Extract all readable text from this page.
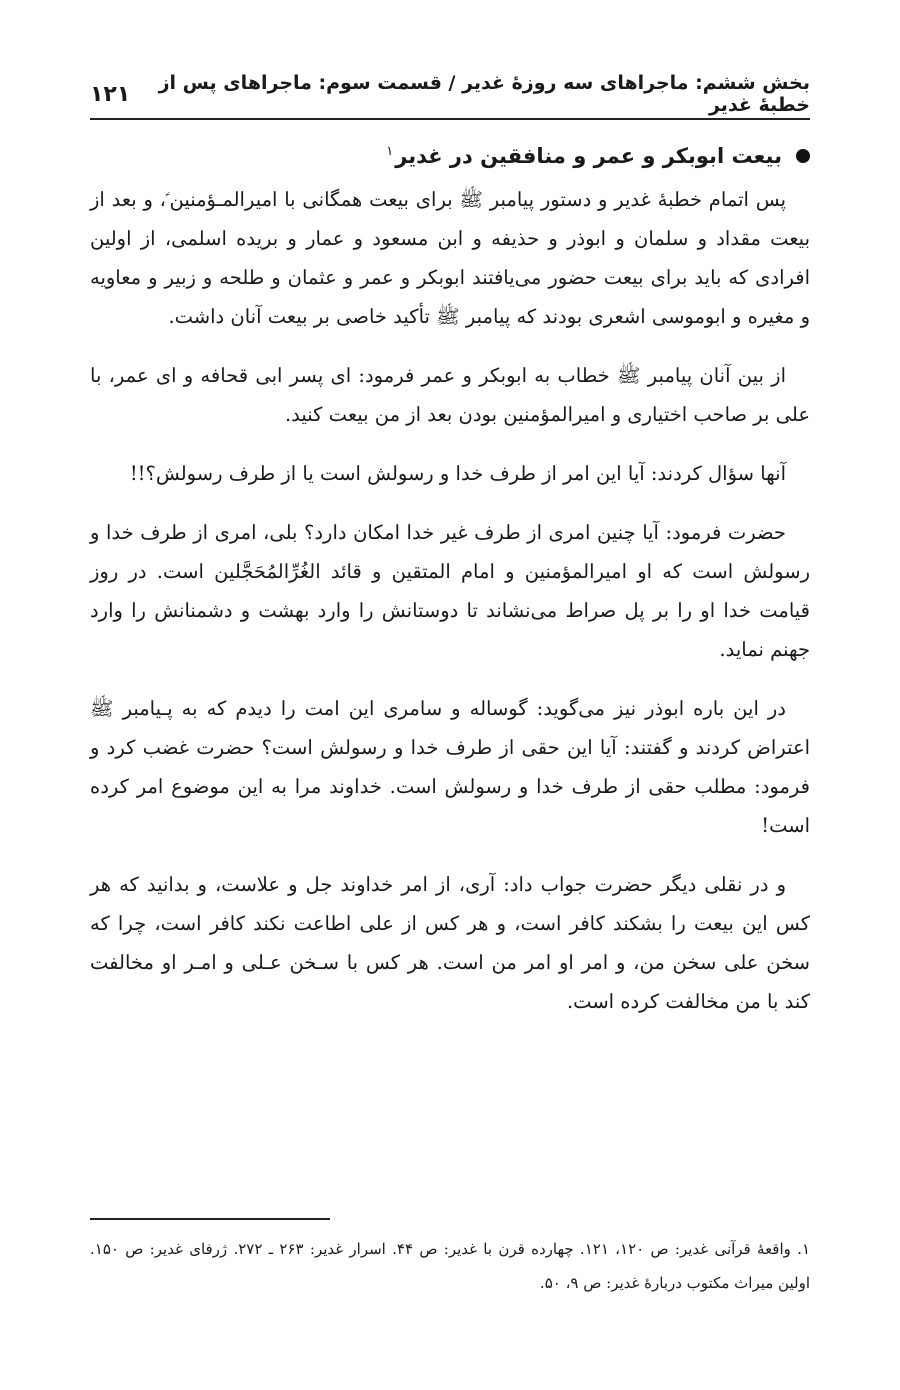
بخش ششم: ماجراهای سه روزهٔ غدیر / قسمت سوم: ماجراهای پس از خطبهٔ غدیر
۱۲۱
بیعت ابوبکر و عمر و منافقین در غدیر$^۱$

پس اتمام خطبهٔ غدیر و دستور پیامبر ﷺ برای بیعت همگانی با امیرالمـؤمنین ؑ، و بعد از بیعت مقداد و سلمان و ابوذر و حذیفه و ابن مسعود و عمار و بریده اسلمی، از اولین افرادی که باید برای بیعت حضور می‌یافتند ابوبکر و عمر و عثمان و طلحه و زبیر و معاویه و مغیره و ابوموسی اشعری بودند که پیامبر ﷺ تأکید خاصی بر بیعت آنان داشت.

از بین آنان پیامبر ﷺ خطاب به ابوبکر و عمر فرمود: ای پسر ابی قحافه و ای عمر، با علی بر صاحب اختیاری و امیرالمؤمنین بودن بعد از من بیعت کنید.

آنها سؤال کردند: آیا این امر از طرف خدا و رسولش است یا از طرف رسولش؟!!

حضرت فرمود: آیا چنین امری از طرف غیر خدا امکان دارد؟ بلی، امری از طرف خدا و رسولش است که او امیرالمؤمنین و امام المتقین و قائد الغُرِّالمُحَجَّلین است. در روز قیامت خدا او را بر پل صراط می‌نشاند تا دوستانش را وارد بهشت و دشمنانش را وارد جهنم نماید.

در این باره ابوذر نیز می‌گوید: گوساله و سامری این امت را دیدم که به پـیامبر ﷺ اعتراض کردند و گفتند: آیا این حقی از طرف خدا و رسولش است؟ حضرت غضب کرد و فرمود: مطلب حقی از طرف خدا و رسولش است. خداوند مرا به این موضوع امر کرده است!

و در نقلی دیگر حضرت جواب داد: آری، از امر خداوند جل و علاست، و بدانید که هر کس این بیعت را بشکند کافر است، و هر کس از علی اطاعت نکند کافر است، چرا که سخن علی سخن من، و امر او امر من است. هر کس با سـخن عـلی و امـر او مخالفت کند با من مخالفت کرده است.

۱. واقعهٔ قرآنی غدیر: ص ۱۲۰، ۱۲۱. چهارده قرن با غدیر: ص ۴۴. اسرار غدیر: ۲۶۳ ـ ۲۷۲. ژرفای غدیر: ص ۱۵۰. اولین میراث مکتوب دربارهٔ غدیر: ص ۹، ۵۰.
